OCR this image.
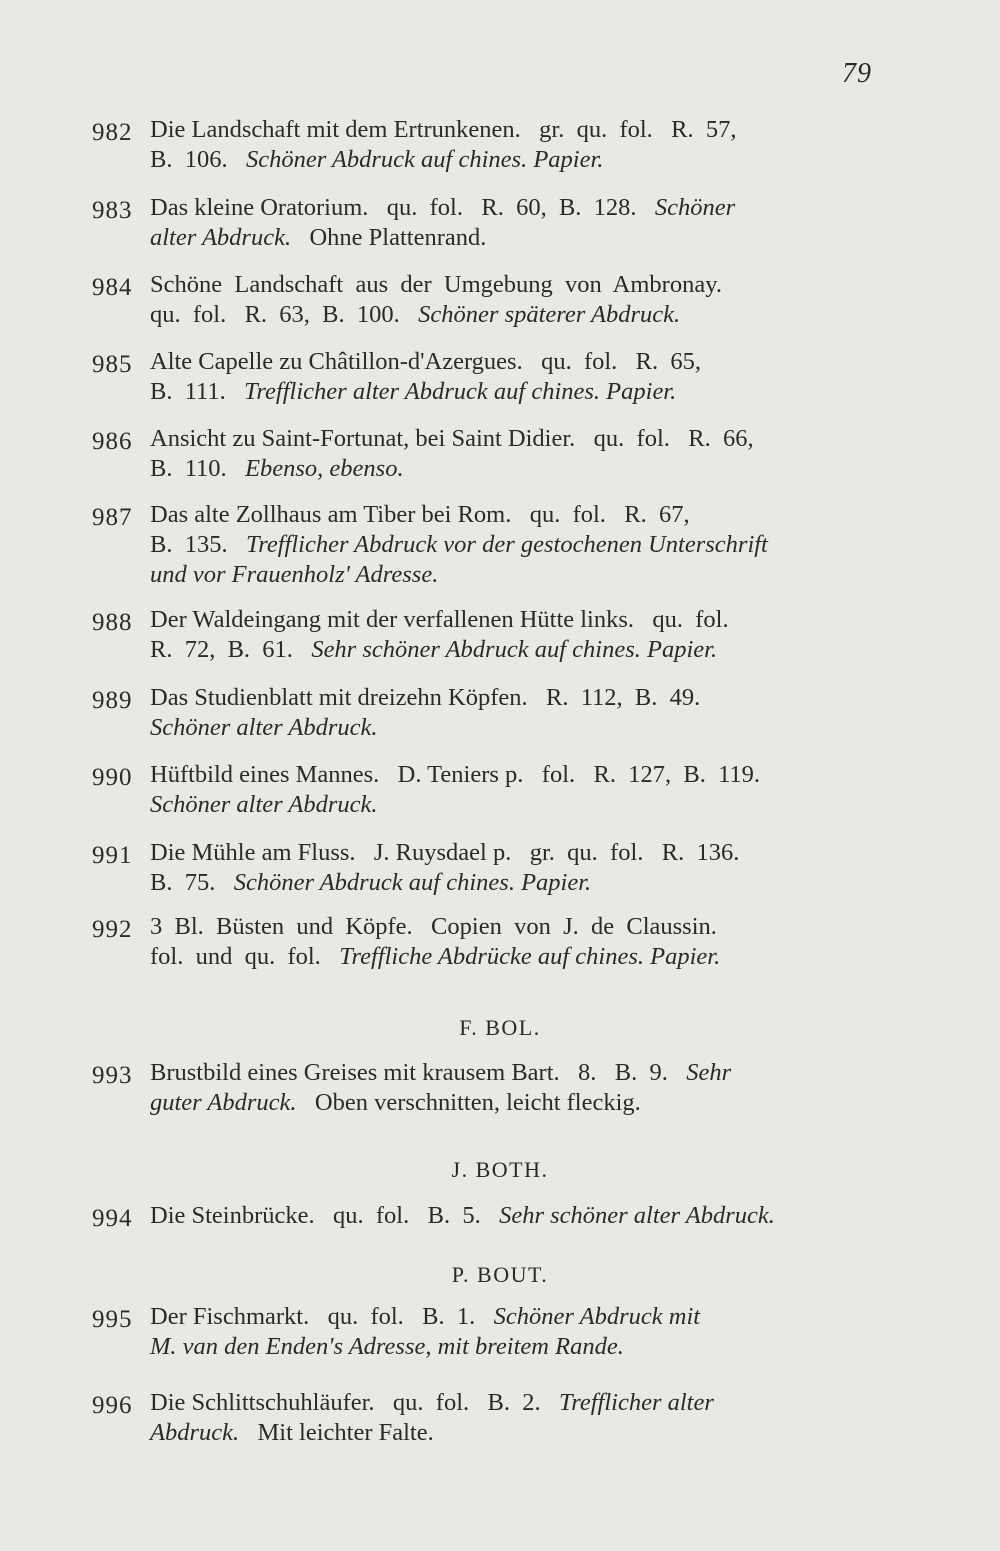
79
982 Die Landschaft mit dem Ertrunkenen.   gr.  qu.  fol.   R.  57,
B.  106.   Schöner Abdruck auf chines. Papier.
983 Das kleine Oratorium.   qu.  fol.   R.  60,  B.  128.   Schöner
alter Abdruck.   Ohne Plattenrand.
984 Schöne  Landschaft  aus  der  Umgebung  von  Ambronay.
qu.  fol.   R.  63,  B.  100.   Schöner späterer Abdruck.
985 Alte Capelle zu Châtillon-d'Azergues.   qu.  fol.   R.  65,
B.  111.   Trefflicher alter Abdruck auf chines. Papier.
986 Ansicht zu Saint-Fortunat, bei Saint Didier.   qu.  fol.   R.  66,
B.  110.   Ebenso, ebenso.
987 Das alte Zollhaus am Tiber bei Rom.   qu.  fol.   R.  67,
B.  135.   Trefflicher Abdruck vor der gestochenen Unterschrift
und vor Frauenholz' Adresse.
988 Der Waldeingang mit der verfallenen Hütte links.   qu.  fol.
R.  72,  B.  61.   Sehr schöner Abdruck auf chines. Papier.
989 Das Studienblatt mit dreizehn Köpfen.   R.  112,  B.  49.
Schöner alter Abdruck.
990 Hüftbild eines Mannes.   D. Teniers p.   fol.   R.  127,  B.  119.
Schöner alter Abdruck.
991 Die Mühle am Fluss.   J. Ruysdael p.   gr.  qu.  fol.   R.  136.
B.  75.   Schöner Abdruck auf chines. Papier.
992 3  Bl.  Büsten  und  Köpfe.   Copien  von  J.  de  Claussin.
fol.  und  qu.  fol.   Treffliche Abdrücke auf chines. Papier.
F. BOL.
993 Brustbild eines Greises mit krausem Bart.   8.   B.  9.   Sehr
guter Abdruck.   Oben verschnitten, leicht fleckig.
J. BOTH.
994 Die Steinbrücke.   qu.  fol.   B.  5.   Sehr schöner alter Abdruck.
P. BOUT.
995 Der Fischmarkt.   qu.  fol.   B.  1.   Schöner Abdruck mit
M. van den Enden's Adresse, mit breitem Rande.
996 Die Schlittschuhläufer.   qu.  fol.   B.  2.   Trefflicher alter
Abdruck.   Mit leichter Falte.
